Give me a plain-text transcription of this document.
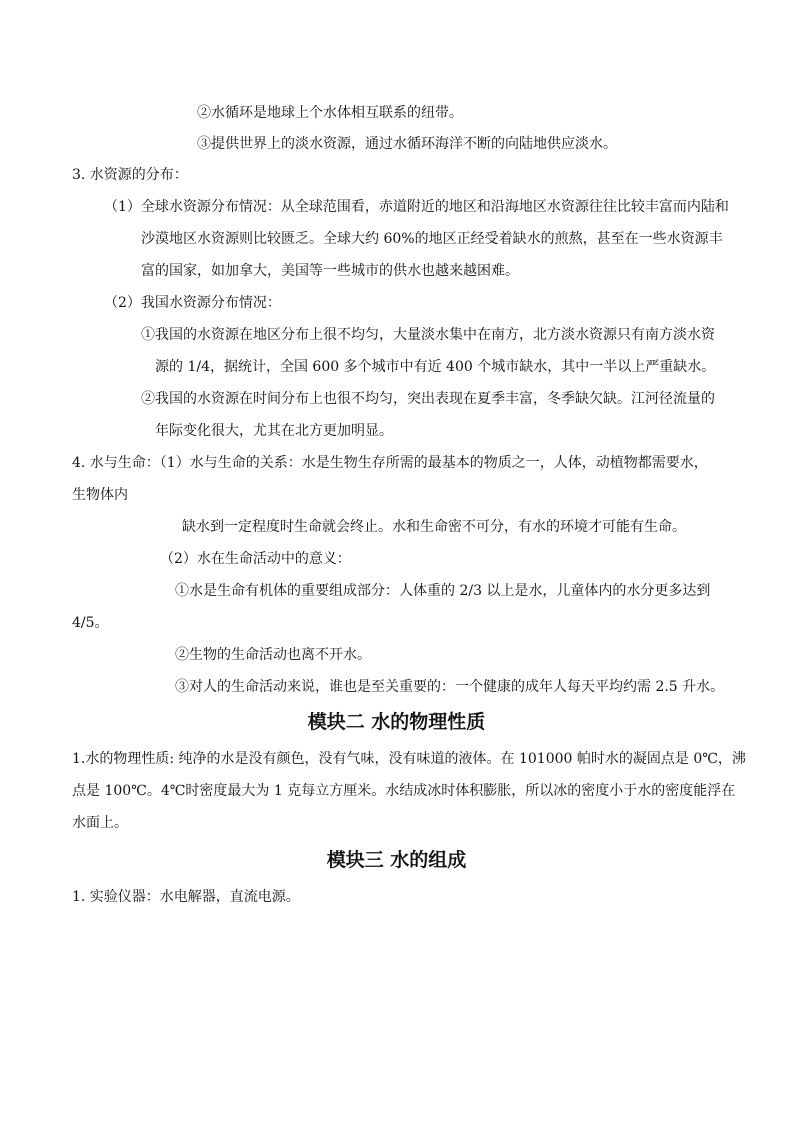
②水循环是地球上个水体相互联系的纽带。
③提供世界上的淡水资源，通过水循环海洋不断的向陆地供应淡水。
3. 水资源的分布：
（1）全球水资源分布情况：从全球范围看，赤道附近的地区和沿海地区水资源往往比较丰富而内陆和
沙漠地区水资源则比较匮乏。全球大约 60%的地区正经受着缺水的煎熬，甚至在一些水资源丰
富的国家，如加拿大，美国等一些城市的供水也越来越困难。
（2）我国水资源分布情况：
①我国的水资源在地区分布上很不均匀，大量淡水集中在南方，北方淡水资源只有南方淡水资
源的 1/4，据统计，全国 600 多个城市中有近 400 个城市缺水，其中一半以上严重缺水。
②我国的水资源在时间分布上也很不均匀，突出表现在夏季丰富，冬季缺欠缺。江河径流量的
年际变化很大，尤其在北方更加明显。
4. 水与生命：（1）水与生命的关系：水是生物生存所需的最基本的物质之一，人体，动植物都需要水，
生物体内
缺水到一定程度时生命就会终止。水和生命密不可分，有水的环境才可能有生命。
（2）水在生命活动中的意义：
①水是生命有机体的重要组成部分：人体重的 2/3 以上是水，儿童体内的水分更多达到
4/5。
②生物的生命活动也离不开水。
③对人的生命活动来说，谁也是至关重要的：一个健康的成年人每天平均约需 2.5 升水。
模块二 水的物理性质
1.水的物理性质: 纯净的水是没有颜色，没有气味，没有味道的液体。在 101000 帕时水的凝固点是 0℃，沸
点是 100℃。4℃时密度最大为 1 克每立方厘米。水结成冰时体积膨胀，所以冰的密度小于水的密度能浮在
水面上。
模块三 水的组成
1. 实验仪器：水电解器，直流电源。
